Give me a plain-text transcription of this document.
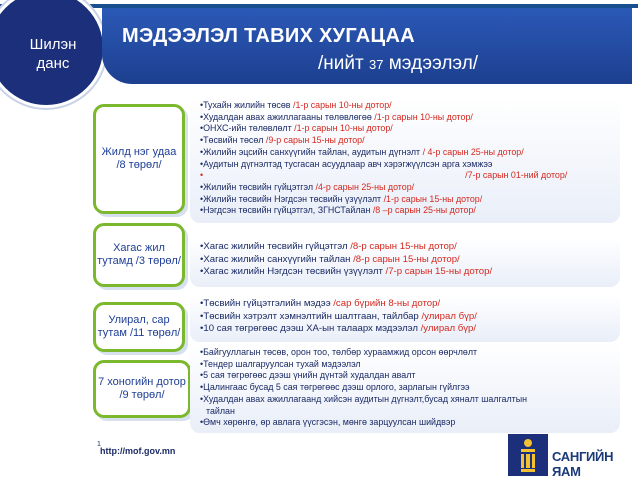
Шилэн
данс
МЭДЭЭЛЭЛ ТАВИХ ХУГАЦАА
/нийт 37 мэдээлэл/
Жилд нэг удаа
/8 төрөл/
•Тухайн жилийн төсөв /1-р сарын 10-ны дотор/
•Худалдан авах ажиллагааны төлөвлөгөө /1-р сарын 10-ны дотор/
•ОНХС-ийн төлөвлөлт /1-р сарын 10-ны дотор/
•Төсвийн төсөл /9-р сарын 15-ны дотор/
•Жилийн эцсийн санхүүгийн тайлан, аудитын дүгнэлт / 4-р сарын 25-ны дотор/
•Аудитын дүгнэлтэд тусгасан асуудлаар авч хэрэгжүүлсэн арга хэмжээ
•	/7-р сарын 01-ний дотор/
•Жилийн төсвийн гүйцэтгэл /4-р сарын 25-ны дотор/
•Жилийн төсвийн Нэгдсэн төсвийн үзүүлэлт /1-р сарын 15-ны дотор/
•Нэгдсэн төсвийн гүйцэтгэл, ЗГНСТайлан /8 –р сарын 25-ны дотор/
Хагас жил
тутамд /3 төрөл/
•Хагас жилийн төсвийн гүйцэтгэл /8-р сарын 15-ны дотор/
•Хагас жилийн санхүүгийн тайлан /8-р сарын 15-ны дотор/
•Хагас жилийн Нэгдсэн төсвийн үзүүлэлт /7-р сарын 15-ны дотор/
Улирал, сар
тутам /11 төрөл/
•Төсвийн гүйцэтгэлийн мэдээ /сар бүрийн 8-ны дотор/
•Төсвийн хэтрэлт хэмнэлтийн шалтгаан, тайлбар /улирал бүр/
•10 сая төгрөгөөс дээш ХА-ын талаарх мэдээлэл /улирал бүр/
7 хоногийн дотор
/9 төрөл/
•Байгууллагын төсөв, орон тоо, төлбөр хураамжид орсон өөрчлөлт
•Тендер шалгаруулсан тухай мэдээлэл
•5 сая төгрөгөөс дээш үнийн дүнтэй худалдан авалт
•Цалингаас бусад 5 сая төгрөгөөс дээш орлого, зарлагын гүйлгээ
•Худалдан авах ажиллагаанд хийсэн аудитын дүгнэлт,бусад хяналт шалгалтын
тайлан
•Өмч хөрөнгө, өр авлага үүсгэсэн, мөнгө зарцуулсан шийдвэр
1
http://mof.gov.mn	САНГИЙН ЯАМ
